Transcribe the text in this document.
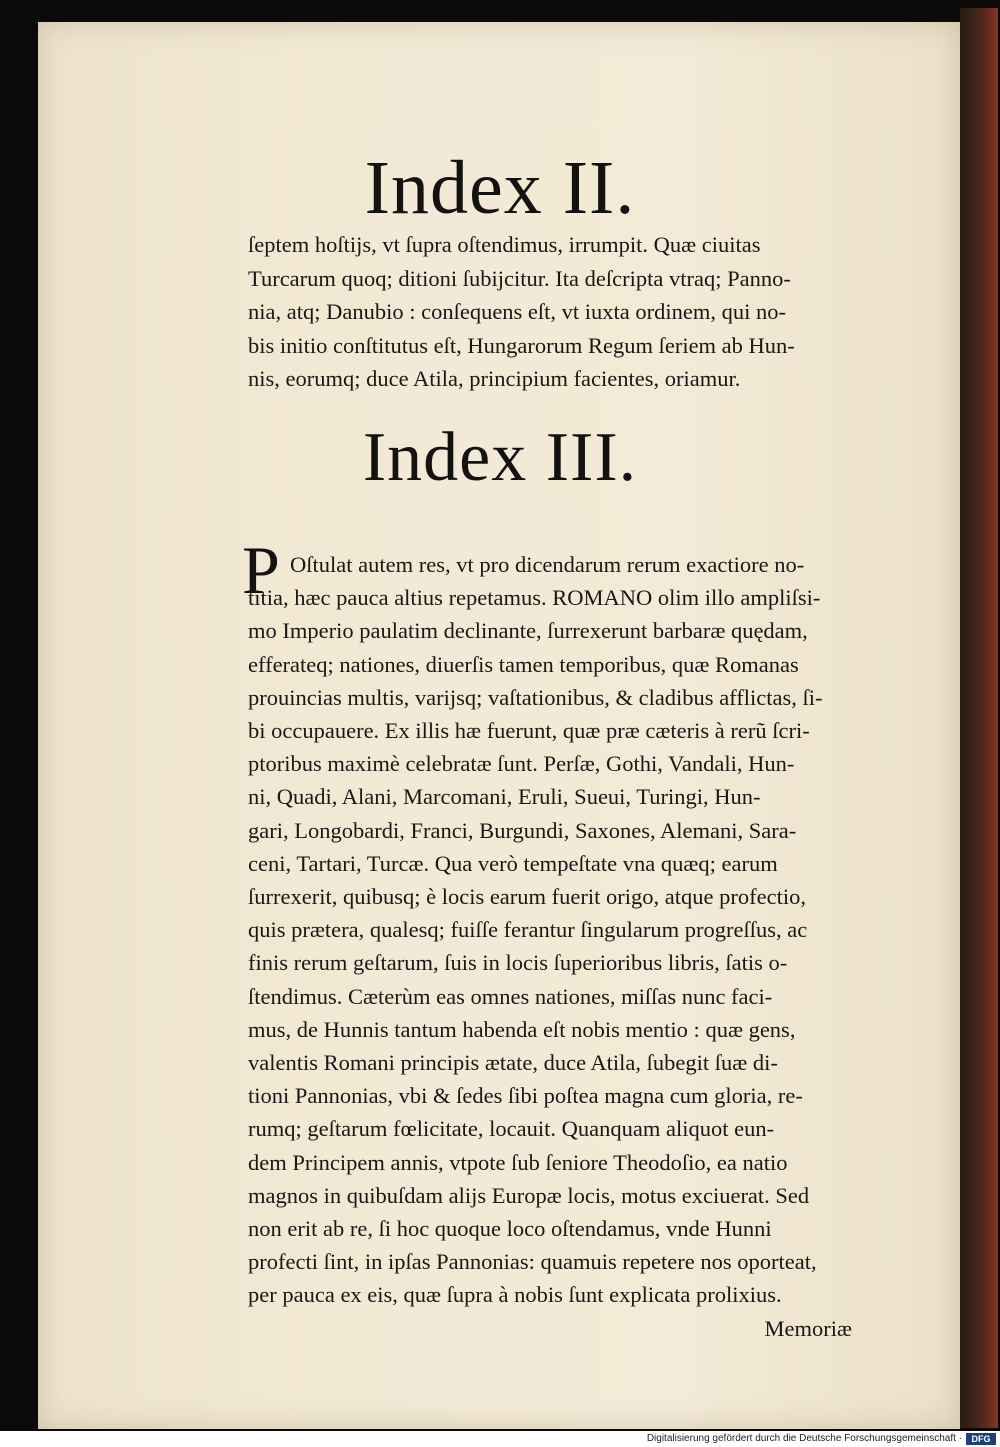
Index II.
ſeptem hoſtijs, vt ſupra oſtendimus, irrumpit. Quæ ciuitas
Turcarum quoq; ditioni ſubijcitur. Ita deſcripta vtraq; Panno-
nia, atq; Danubio : conſequens eſt, vt iuxta ordinem, qui no-
bis initio conſtitutus eſt, Hungarorum Regum ſeriem ab Hun-
nis, eorumq; duce Atila, principium facientes, oriamur.
Index III.
P Oſtulat autem res, vt pro dicendarum rerum exactiore no-
titia, hæc pauca altius repetamus. ROMANO olim illo ampliſsi-
mo Imperio paulatim declinante, ſurrexerunt barbaræ quędam,
efferateq; nationes, diuerſis tamen temporibus, quæ Romanas
prouincias multis, varijsq; vaſtationibus, & cladibus afflictas, ſi-
bi occupauere. Ex illis hæ fuerunt, quæ præ cæteris à rerũ ſcri-
ptoribus maximè celebratæ ſunt. Perſæ, Gothi, Vandali, Hun-
ni, Quadi, Alani, Marcomani, Eruli, Sueui, Turingi, Hun-
gari, Longobardi, Franci, Burgundi, Saxones, Alemani, Sara-
ceni, Tartari, Turcæ. Qua verò tempeſtate vna quæq; earum
ſurrexerit, quibusq; è locis earum fuerit origo, atque profectio,
quis prætera, qualesq; fuiſſe ferantur ſingularum progreſſus, ac
finis rerum geſtarum, ſuis in locis ſuperioribus libris, ſatis o-
ſtendimus. Cæterùm eas omnes nationes, miſſas nunc faci-
mus, de Hunnis tantum habenda eſt nobis mentio : quæ gens,
valentis Romani principis ætate, duce Atila, ſubegit ſuæ di-
tioni Pannonias, vbi & ſedes ſibi poſtea magna cum gloria, re-
rumq; geſtarum fœlicitate, locauit. Quanquam aliquot eun-
dem Principem annis, vtpote ſub ſeniore Theodoſio, ea natio
magnos in quibuſdam alijs Europæ locis, motus exciuerat. Sed
non erit ab re, ſi hoc quoque loco oſtendamus, vnde Hunni
profecti ſint, in ipſas Pannonias: quamuis repetere nos oporteat,
per pauca ex eis, quæ ſupra à nobis ſunt explicata prolixius.
Memoriæ
Digitalisierung gefördert durch die Deutsche Forschungsgemeinschaft ·	DFG
